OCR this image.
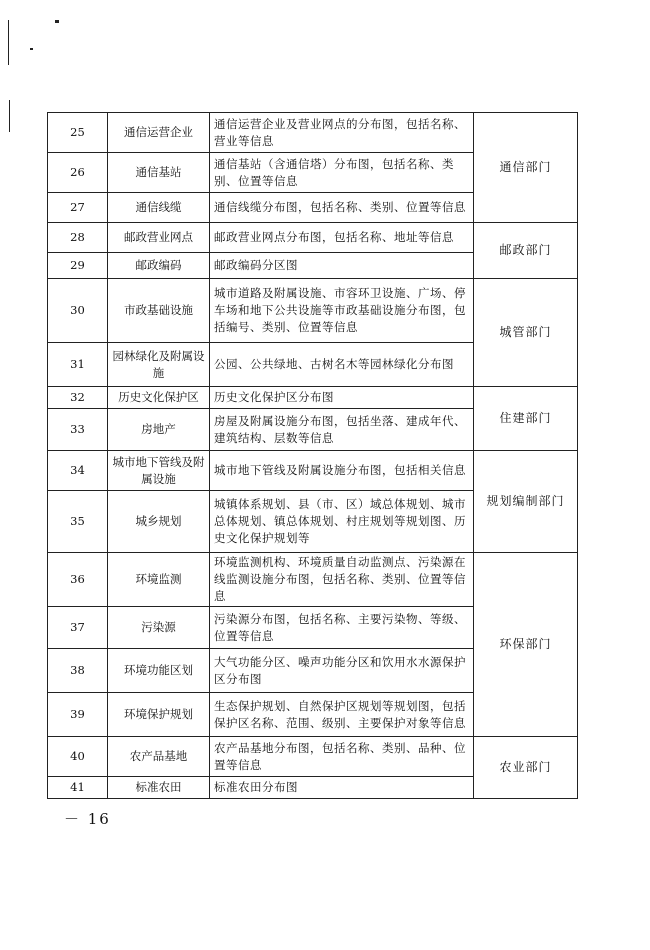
25	通信运营企业	通信运营企业及营业网点的分布图，包括名称、营业等信息	通信部门
26	通信基站	通信基站（含通信塔）分布图，包括名称、类别、位置等信息	
27	通信线缆	通信线缆分布图，包括名称、类别、位置等信息	
28	邮政营业网点	邮政营业网点分布图，包括名称、地址等信息	邮政部门
29	邮政编码	邮政编码分区图	
30	市政基础设施	城市道路及附属设施、市容环卫设施、广场、停车场和地下公共设施等市政基础设施分布图，包括编号、类别、位置等信息	城管部门
31	园林绿化及附属设施	公园、公共绿地、古树名木等园林绿化分布图	
32	历史文化保护区	历史文化保护区分布图	住建部门
33	房地产	房屋及附属设施分布图，包括坐落、建成年代、建筑结构、层数等信息	
34	城市地下管线及附属设施	城市地下管线及附属设施分布图，包括相关信息	规划编制部门
35	城乡规划	城镇体系规划、县（市、区）域总体规划、城市总体规划、镇总体规划、村庄规划等规划图、历史文化保护规划等	
36	环境监测	环境监测机构、环境质量自动监测点、污染源在线监测设施分布图，包括名称、类别、位置等信息	环保部门
37	污染源	污染源分布图，包括名称、主要污染物、等级、位置等信息	
38	环境功能区划	大气功能分区、噪声功能分区和饮用水水源保护区分布图	
39	环境保护规划	生态保护规划、自然保护区规划等规划图，包括保护区名称、范围、级别、主要保护对象等信息	
40	农产品基地	农产品基地分布图，包括名称、类别、品种、位置等信息	农业部门
41	标准农田	标准农田分布图	
－ 16
